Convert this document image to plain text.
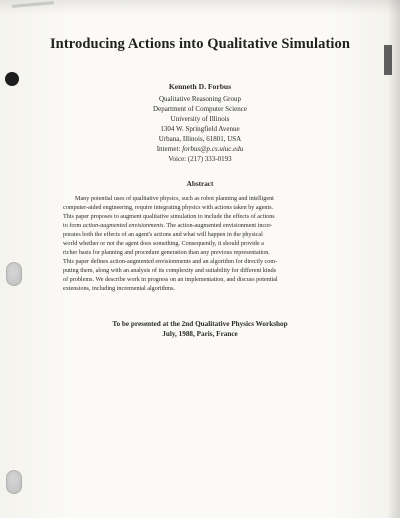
Introducing Actions into Qualitative Simulation
Kenneth D. Forbus
Qualitative Reasoning Group
Department of Computer Science
University of Illinois
1304 W. Springfield Avenue
Urbana, Illinois, 61801, USA
Internet: forbus@p.cs.uiuc.edu
Voice: (217) 333-0193
Abstract
Many potential uses of qualitative physics, such as robot planning and intelligent
computer-aided engineering, require integrating physics with actions taken by agents.
This paper proposes to augment qualitative simulation to include the effects of actions
to form action-augmented envisionments. The action-augmented envisionment incor-
porates both the effects of an agent's actions and what will happen in the physical
world whether or not the agent does something. Consequently, it should provide a
richer basis for planning and procedure generation than any previous representation.
This paper defines action-augmented envisionments and an algorithm for directly com-
puting them, along with an analysis of its complexity and suitability for different kinds
of problems. We describe work in progress on an implementation, and discuss potential
extensions, including incremental algorithms.
To be presented at the 2nd Qualitative Physics Workshop
July, 1988, Paris, France
